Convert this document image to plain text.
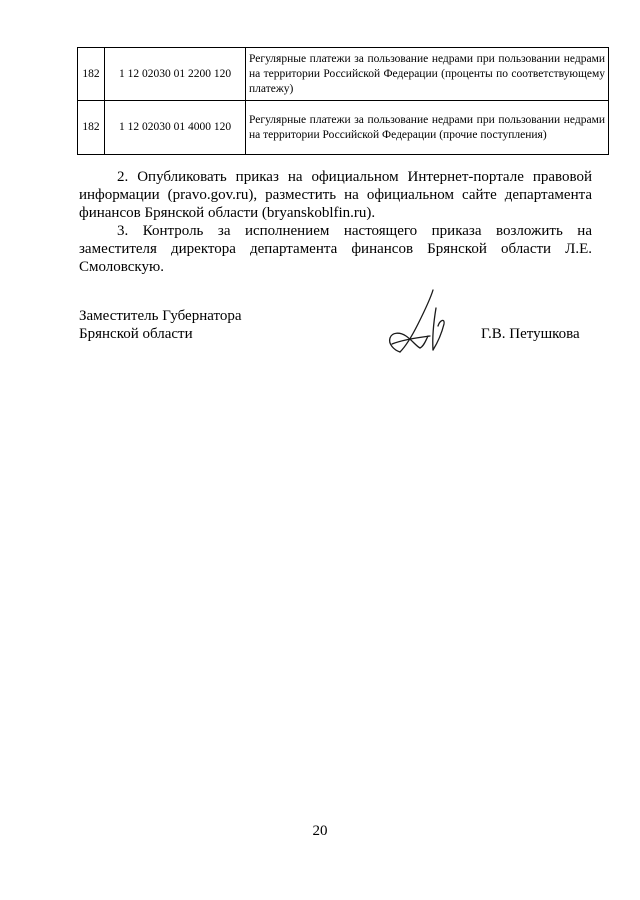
182	1 12 02030 01 2200 120	Регулярные платежи за пользование недрами при пользовании недрами на территории Российской Федерации (проценты по соответствующему платежу)
182	1 12 02030 01 4000 120	Регулярные платежи за пользование недрами при пользовании недрами на территории Российской Федерации (прочие поступления)
2. Опубликовать приказ на официальном Интернет-портале правовой информации (pravo.gov.ru), разместить на официальном сайте департамента финансов Брянской области (bryanskoblfin.ru).
3. Контроль за исполнением настоящего приказа возложить на заместителя директора департамента финансов Брянской области Л.Е. Смоловскую.
Заместитель Губернатора
Брянской области	Г.В. Петушкова
20
